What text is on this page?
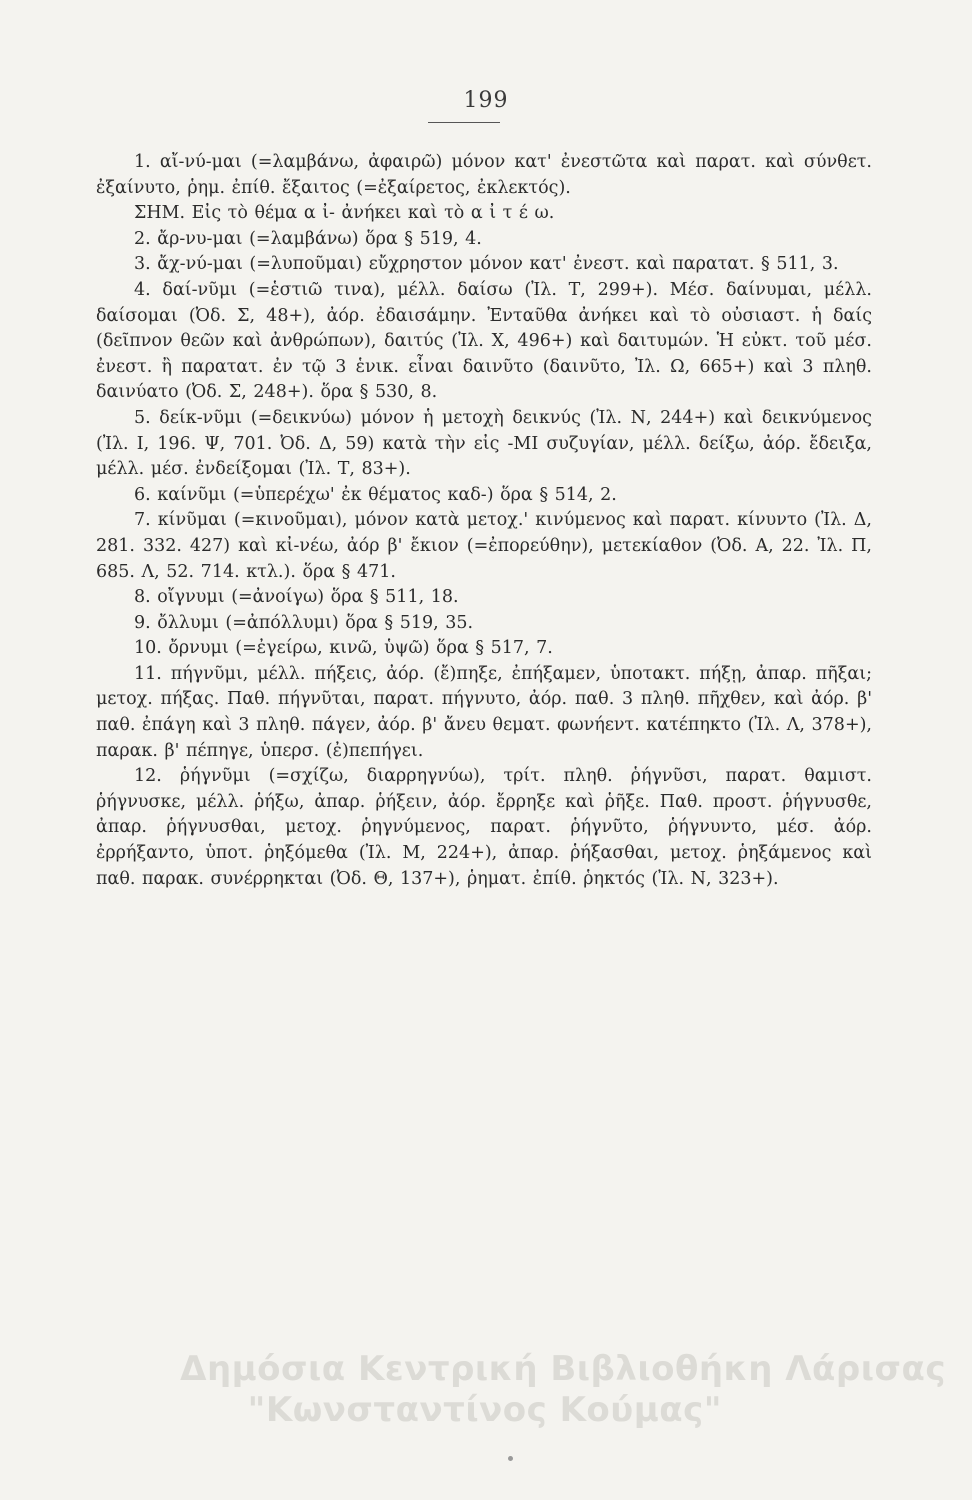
199

1. αἴ-νύ-μαι (=λαμβάνω, ἀφαιρῶ) μόνον κατ' ἐνεστῶτα καὶ παρατ. καὶ σύνθετ. ἐξαίνυτο, ῥημ. ἐπίθ. ἔξαιτος (=ἐξαίρετος, ἐκλεκτός).

ΣΗΜ. Εἰς τὸ θέμα α ἰ- ἀνήκει καὶ τὸ α ἰ τ έ ω.

2. ἄρ-νυ-μαι (=λαμβάνω) ὅρα § 519, 4.

3. ἄχ-νύ-μαι (=λυποῦμαι) εὔχρηστον μόνον κατ' ἐνεστ. καὶ παρατατ. § 511, 3.

4. δαί-νῦμι (=ἑστιῶ τινα), μέλλ. δαίσω (Ἰλ. Τ, 299+). Μέσ. δαίνυμαι, μέλλ. δαίσομαι (Ὀδ. Σ, 48+), ἀόρ. ἐδαισάμην. Ἐνταῦθα ἀνήκει καὶ τὸ οὐσιαστ. ἡ δαίς (δεῖπνον θεῶν καὶ ἀνθρώπων), δαιτύς (Ἰλ. Χ, 496+) καὶ δαιτυμών. Ἡ εὐκτ. τοῦ μέσ. ἐνεστ. ἢ παρατατ. ἐν τῷ 3 ἑνικ. εἶναι δαινῦτο (δαινῦτο, Ἰλ. Ω, 665+) καὶ 3 πληθ. δαινύατο (Ὀδ. Σ, 248+). ὅρα § 530, 8.

5. δείκ-νῦμι (=δεικνύω) μόνον ἡ μετοχὴ δεικνύς (Ἰλ. Ν, 244+) καὶ δεικνύμενος (Ἰλ. Ι, 196. Ψ, 701. Ὀδ. Δ, 59) κατὰ τὴν εἰς -ΜΙ συζυγίαν, μέλλ. δείξω, ἀόρ. ἔδειξα, μέλλ. μέσ. ἐνδείξομαι (Ἰλ. Τ, 83+).

6. καίνῦμι (=ὑπερέχω' ἐκ θέματος καδ-) ὅρα § 514, 2.

7. κίνῦμαι (=κινοῦμαι), μόνον κατὰ μετοχ.' κινύμενος καὶ παρατ. κίνυντο (Ἰλ. Δ, 281. 332. 427) καὶ κἰ-νέω, ἀόρ β' ἔκιον (=ἐπορεύθην), μετεκίαθον (Ὀδ. Α, 22. Ἰλ. Π, 685. Λ, 52. 714. κτλ.). ὅρα § 471.

8. οἴγνυμι (=ἀνοίγω) ὅρα § 511, 18.

9. ὄλλυμι (=ἀπόλλυμι) ὅρα § 519, 35.

10. ὄρνυμι (=ἐγείρω, κινῶ, ὑψῶ) ὅρα § 517, 7.

11. πήγνῦμι, μέλλ. πήξεις, ἀόρ. (ἔ)πηξε, ἐπήξαμεν, ὑποτακτ. πήξῃ, ἀπαρ. πῆξαι; μετοχ. πήξας. Παθ. πήγνῦται, παρατ. πήγνυτο, ἀόρ. παθ. 3 πληθ. πῆχθεν, καὶ ἀόρ. β' παθ. ἐπάγη καὶ 3 πληθ. πάγεν, ἀόρ. β' ἄνευ θεματ. φωνήεντ. κατέπηκτο (Ἰλ. Λ, 378+), παρακ. β' πέπηγε, ὑπερσ. (ἐ)πεπήγει.

12. ῥήγνῦμι (=σχίζω, διαρρηγνύω), τρίτ. πληθ. ῥήγνῦσι, παρατ. θαμιστ. ῥήγνυσκε, μέλλ. ῥήξω, ἀπαρ. ῥήξειν, ἀόρ. ἔρρηξε καὶ ῥῆξε. Παθ. προστ. ῥήγνυσθε, ἀπαρ. ῥήγνυσθαι, μετοχ. ῥηγνύμενος, παρατ. ῥήγνῦτο, ῥήγνυντο, μέσ. ἀόρ. ἐρρήξαντο, ὑποτ. ῥηξόμεθα (Ἰλ. Μ, 224+), ἀπαρ. ῥήξασθαι, μετοχ. ῥηξάμενος καὶ παθ. παρακ. συνέρρηκται (Ὀδ. Θ, 137+), ῥηματ. ἐπίθ. ῥηκτός (Ἰλ. Ν, 323+).

Δημόσια Κεντρική Βιβλιοθήκη Λάρισας
"Κωνσταντίνος Κούμας"
